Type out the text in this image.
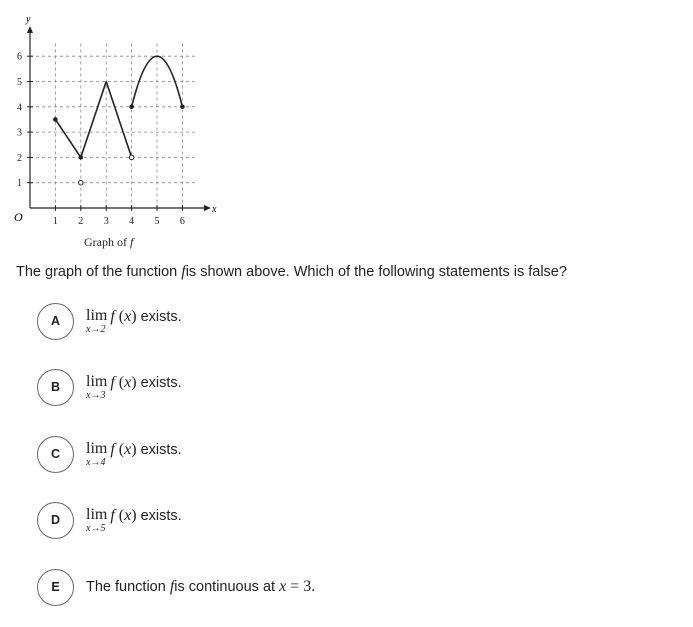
y
x
O	1 2 3 4 5 6
1
2
3
4
5
6
Graph of f
The graph of the function fis shown above. Which of the following statements is false?
A	lim
x→2
f (x) exists.
B	lim
x→3
f (x) exists.
C	lim
x→4
f (x) exists.
D	lim
x→5
f (x) exists.
E	The function fis continuous at x = 3.
